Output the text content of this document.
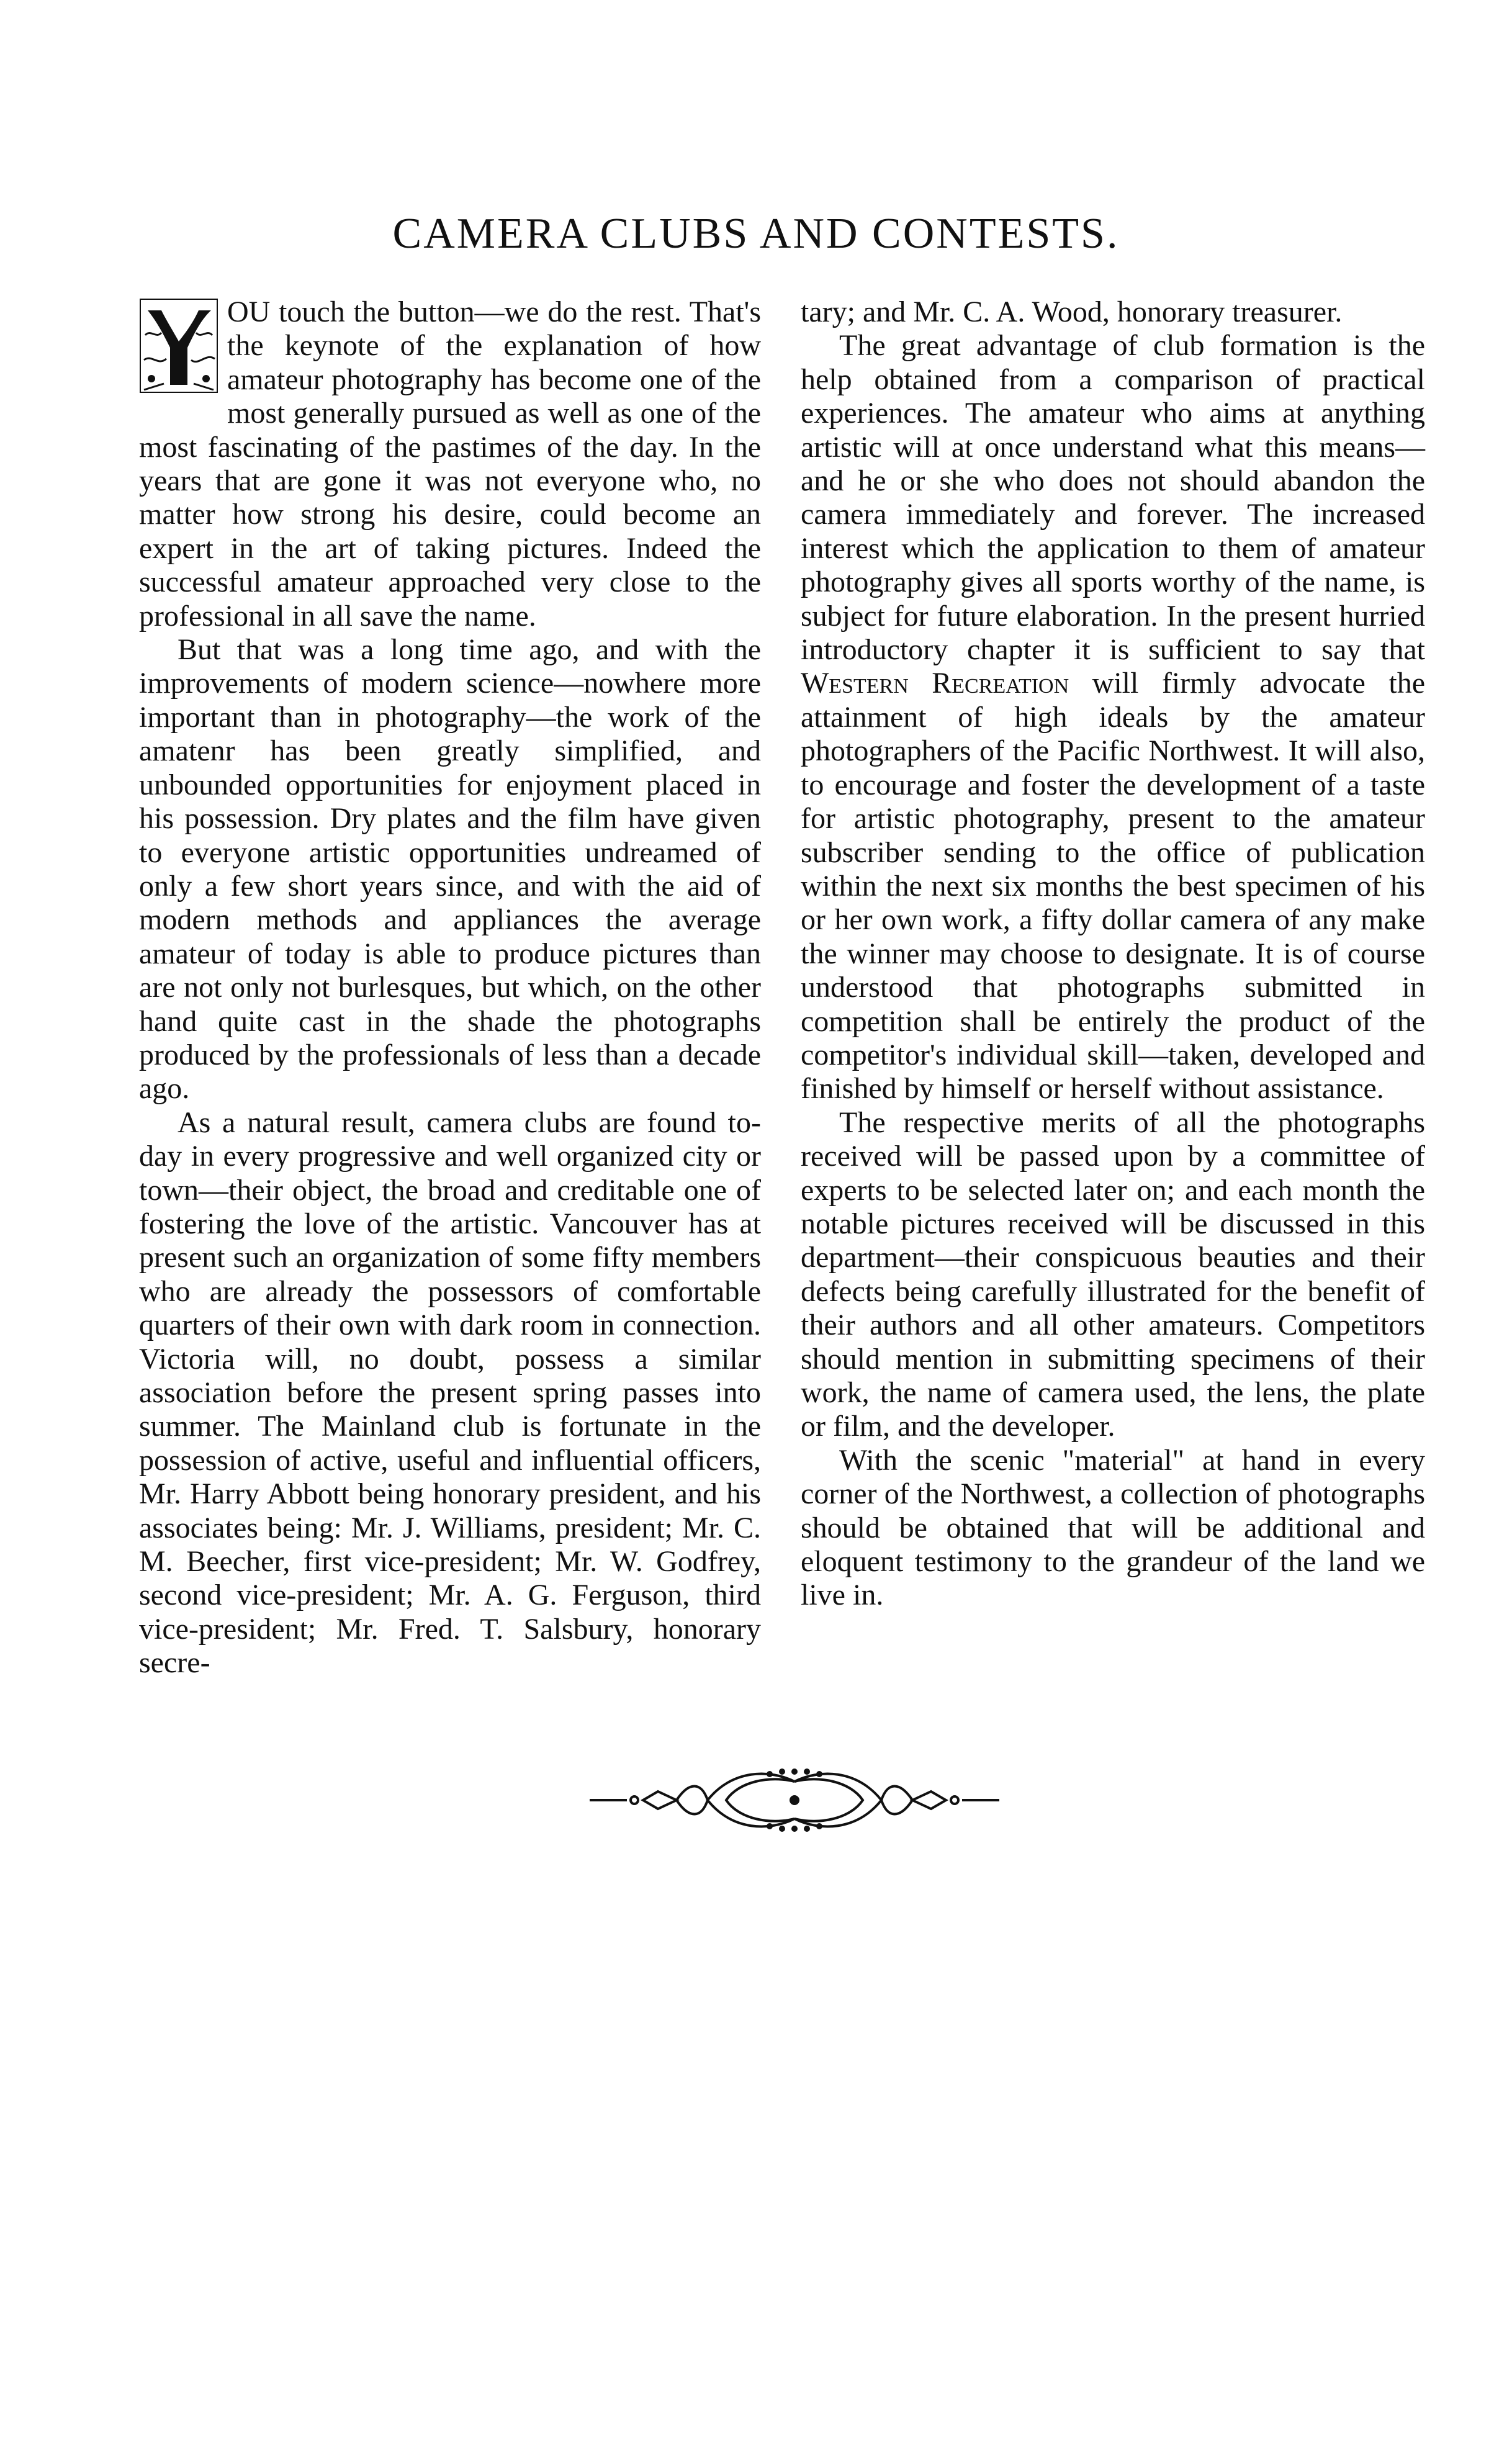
CAMERA CLUBS AND CONTESTS.

OU touch the button—we do the rest. That's the keynote of the explanation of how amateur photography has become one of the most generally pursued as well as one of the most fascinating of the pastimes of the day. In the years that are gone it was not everyone who, no matter how strong his desire, could become an expert in the art of taking pictures. Indeed the successful amateur approached very close to the professional in all save the name.

But that was a long time ago, and with the improvements of modern science—nowhere more important than in photography—the work of the amatenr has been greatly simplified, and unbounded opportunities for enjoyment placed in his possession. Dry plates and the film have given to everyone artistic opportunities undreamed of only a few short years since, and with the aid of modern methods and appliances the average amateur of today is able to produce pictures than are not only not burlesques, but which, on the other hand quite cast in the shade the photographs produced by the professionals of less than a decade ago.

As a natural result, camera clubs are found to-day in every progressive and well organized city or town—their object, the broad and creditable one of fostering the love of the artistic. Vancouver has at present such an organization of some fifty members who are already the possessors of comfortable quarters of their own with dark room in connection. Victoria will, no doubt, possess a similar association before the present spring passes into summer. The Mainland club is fortunate in the possession of active, useful and influential officers, Mr. Harry Abbott being honorary president, and his associates being: Mr. J. Williams, president; Mr. C. M. Beecher, first vice-president; Mr. W. Godfrey, second vice-president; Mr. A. G. Ferguson, third vice-president; Mr. Fred. T. Salsbury, honorary secre-

tary; and Mr. C. A. Wood, honorary treasurer.

The great advantage of club formation is the help obtained from a comparison of practical experiences. The amateur who aims at anything artistic will at once understand what this means—and he or she who does not should abandon the camera immediately and forever. The increased interest which the application to them of amateur photography gives all sports worthy of the name, is subject for future elaboration. In the present hurried introductory chapter it is sufficient to say that Western Recreation will firmly advocate the attainment of high ideals by the amateur photographers of the Pacific Northwest. It will also, to encourage and foster the development of a taste for artistic photography, present to the amateur subscriber sending to the office of publication within the next six months the best specimen of his or her own work, a fifty dollar camera of any make the winner may choose to designate. It is of course understood that photographs submitted in competition shall be entirely the product of the competitor's individual skill—taken, developed and finished by himself or herself without assistance.

The respective merits of all the photographs received will be passed upon by a committee of experts to be selected later on; and each month the notable pictures received will be discussed in this department—their conspicuous beauties and their defects being carefully illustrated for the benefit of their authors and all other amateurs. Competitors should mention in submitting specimens of their work, the name of camera used, the lens, the plate or film, and the developer.

With the scenic "material" at hand in every corner of the Northwest, a collection of photographs should be obtained that will be additional and eloquent testimony to the grandeur of the land we live in.
